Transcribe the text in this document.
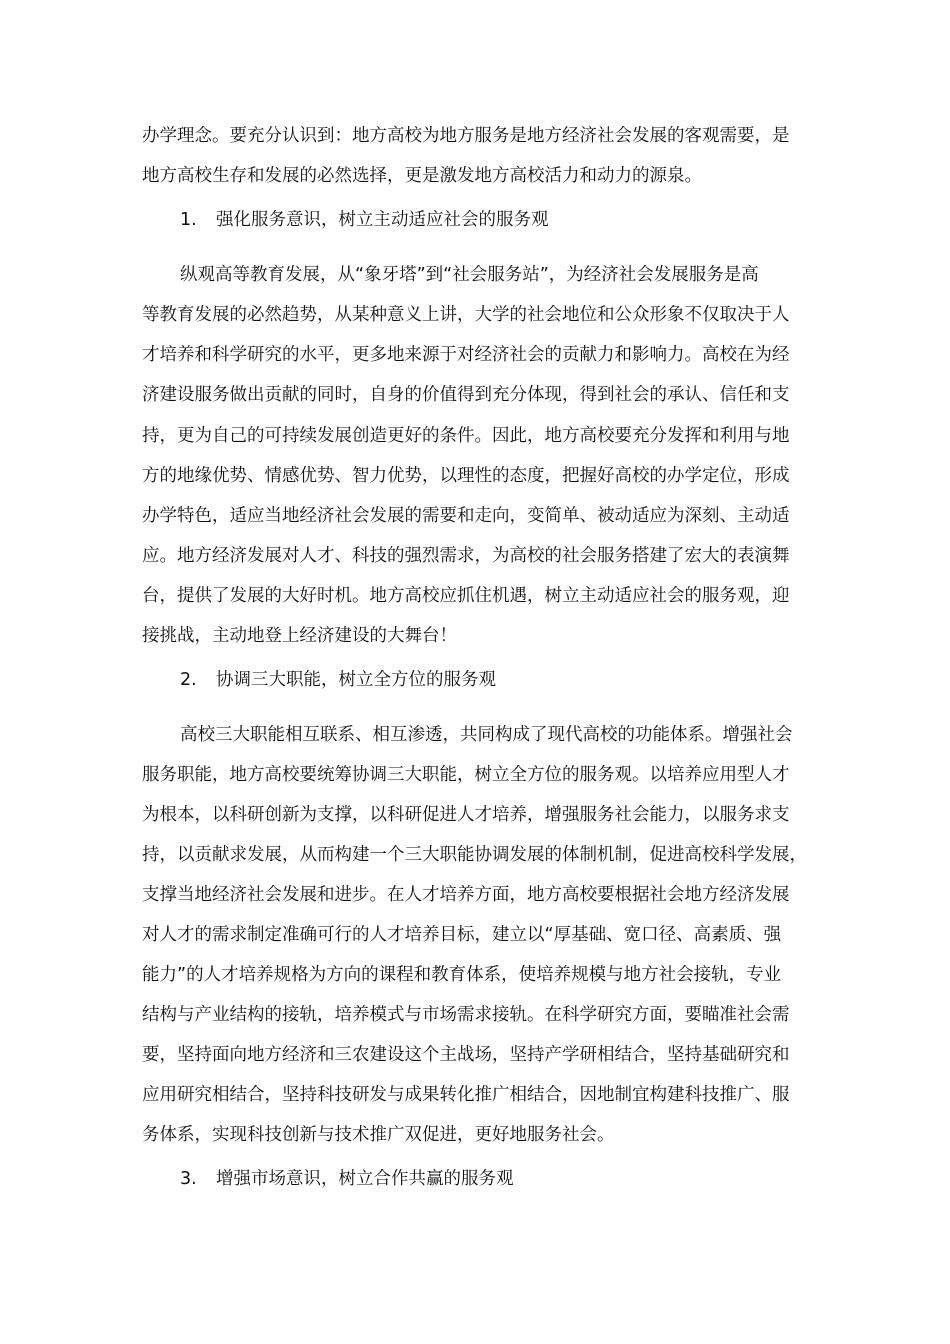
办学理念。要充分认识到：地方高校为地方服务是地方经济社会发展的客观需要，是
地方高校生存和发展的必然选择，更是激发地方高校活力和动力的源泉。
1. 强化服务意识，树立主动适应社会的服务观
纵观高等教育发展，从“象牙塔”到“社会服务站”，为经济社会发展服务是高
等教育发展的必然趋势，从某种意义上讲，大学的社会地位和公众形象不仅取决于人
才培养和科学研究的水平，更多地来源于对经济社会的贡献力和影响力。高校在为经
济建设服务做出贡献的同时，自身的价值得到充分体现，得到社会的承认、信任和支
持，更为自己的可持续发展创造更好的条件。因此，地方高校要充分发挥和利用与地
方的地缘优势、情感优势、智力优势，以理性的态度，把握好高校的办学定位，形成
办学特色，适应当地经济社会发展的需要和走向，变简单、被动适应为深刻、主动适
应。地方经济发展对人才、科技的强烈需求，为高校的社会服务搭建了宏大的表演舞
台，提供了发展的大好时机。地方高校应抓住机遇，树立主动适应社会的服务观，迎
接挑战，主动地登上经济建设的大舞台！
2. 协调三大职能，树立全方位的服务观
高校三大职能相互联系、相互渗透，共同构成了现代高校的功能体系。增强社会
服务职能，地方高校要统筹协调三大职能，树立全方位的服务观。以培养应用型人才
为根本，以科研创新为支撑，以科研促进人才培养，增强服务社会能力，以服务求支
持，以贡献求发展，从而构建一个三大职能协调发展的体制机制，促进高校科学发展，
支撑当地经济社会发展和进步。在人才培养方面，地方高校要根据社会地方经济发展
对人才的需求制定准确可行的人才培养目标，建立以“厚基础、宽口径、高素质、强
能力”的人才培养规格为方向的课程和教育体系，使培养规模与地方社会接轨，专业
结构与产业结构的接轨，培养模式与市场需求接轨。在科学研究方面，要瞄准社会需
要，坚持面向地方经济和三农建设这个主战场，坚持产学研相结合，坚持基础研究和
应用研究相结合，坚持科技研发与成果转化推广相结合，因地制宜构建科技推广、服
务体系，实现科技创新与技术推广双促进，更好地服务社会。
3. 增强市场意识，树立合作共赢的服务观
